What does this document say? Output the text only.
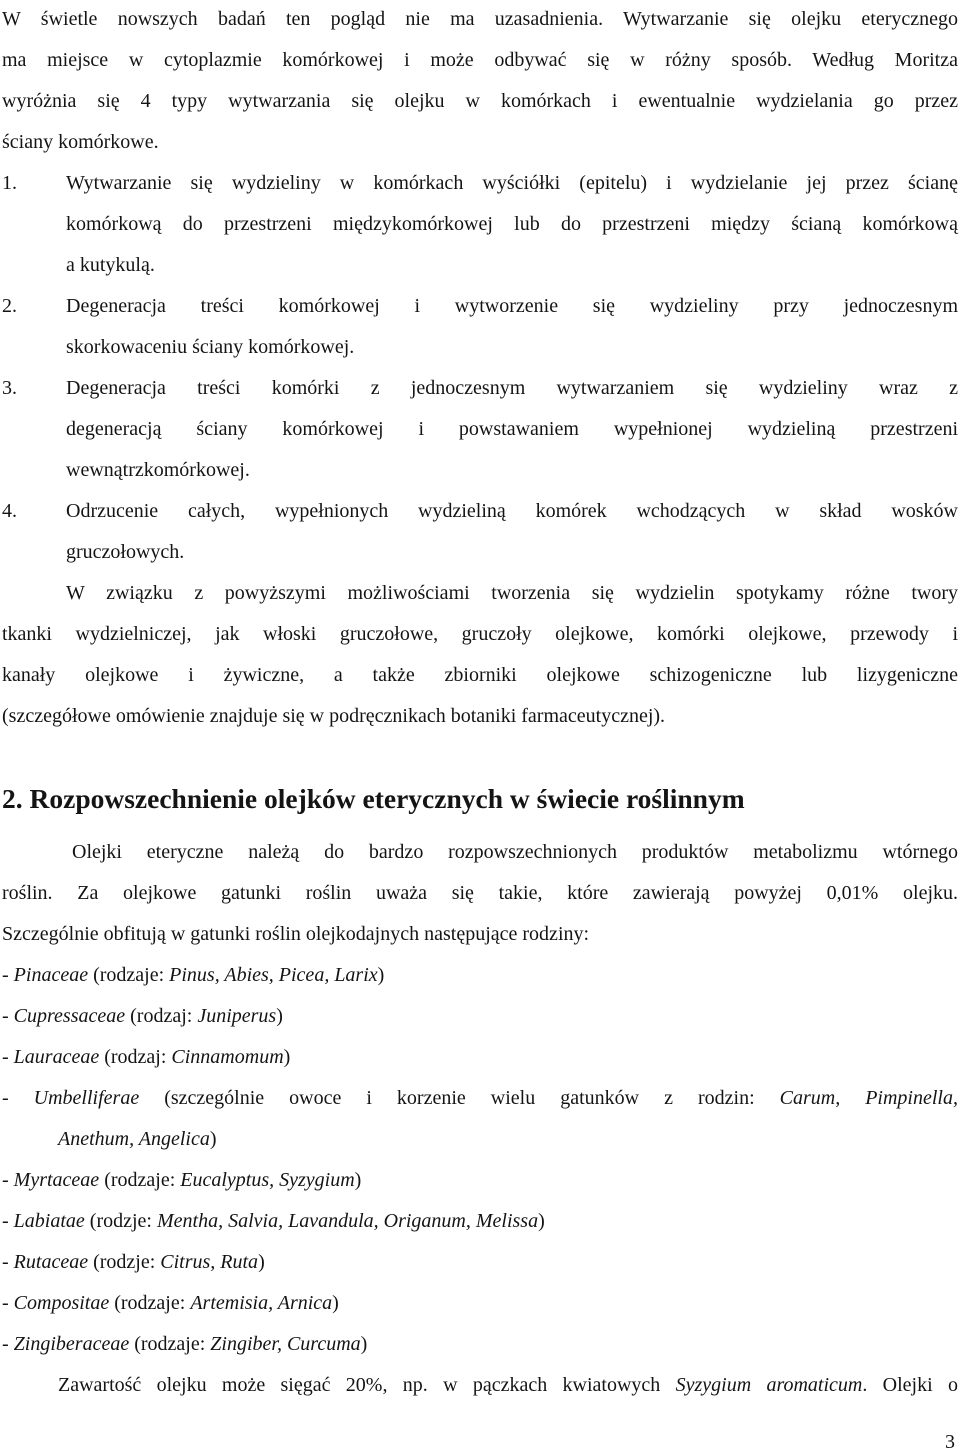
W świetle nowszych badań ten pogląd nie ma uzasadnienia. Wytwarzanie się olejku eterycznego
ma miejsce w cytoplazmie komórkowej i może odbywać się w różny sposób. Według Moritza
wyróżnia się 4 typy wytwarzania się olejku w komórkach i ewentualnie wydzielania go przez
ściany komórkowe.
1. Wytwarzanie się wydzieliny w komórkach wyściółki (epitelu) i wydzielanie jej przez ścianę
komórkową do przestrzeni międzykomórkowej lub do przestrzeni między ścianą komórkową
a kutykulą.
2. Degeneracja treści komórkowej i wytworzenie się wydzieliny przy jednoczesnym
skorkowaceniu ściany komórkowej.
3. Degeneracja treści komórki z jednoczesnym wytwarzaniem się wydzieliny wraz z
degeneracją ściany komórkowej i powstawaniem wypełnionej wydzieliną przestrzeni
wewnątrzkomórkowej.
4. Odrzucenie całych, wypełnionych wydzieliną komórek wchodzących w skład wosków
gruczołowych.
W związku z powyższymi możliwościami tworzenia się wydzielin spotykamy różne twory
tkanki wydzielniczej, jak włoski gruczołowe, gruczoły olejkowe, komórki olejkowe, przewody i
kanały olejkowe i żywiczne, a także zbiorniki olejkowe schizogeniczne lub lizygeniczne
(szczegółowe omówienie znajduje się w podręcznikach botaniki farmaceutycznej).
2. Rozpowszechnienie olejków eterycznych w świecie roślinnym
Olejki eteryczne należą do bardzo rozpowszechnionych produktów metabolizmu wtórnego
roślin. Za olejkowe gatunki roślin uważa się takie, które zawierają powyżej 0,01% olejku.
Szczególnie obfitują w gatunki roślin olejkodajnych następujące rodziny:
- Pinaceae (rodzaje: Pinus, Abies, Picea, Larix)
- Cupressaceae (rodzaj: Juniperus)
- Lauraceae (rodzaj: Cinnamomum)
- Umbelliferae (szczególnie owoce i korzenie wielu gatunków z rodzin: Carum, Pimpinella,
Anethum, Angelica)
- Myrtaceae (rodzaje: Eucalyptus, Syzygium)
- Labiatae (rodzje: Mentha, Salvia, Lavandula, Origanum, Melissa)
- Rutaceae (rodzje: Citrus, Ruta)
- Compositae (rodzaje: Artemisia, Arnica)
- Zingiberaceae (rodzaje: Zingiber, Curcuma)
Zawartość olejku może sięgać 20%, np. w pączkach kwiatowych Syzygium aromaticum. Olejki o
3
